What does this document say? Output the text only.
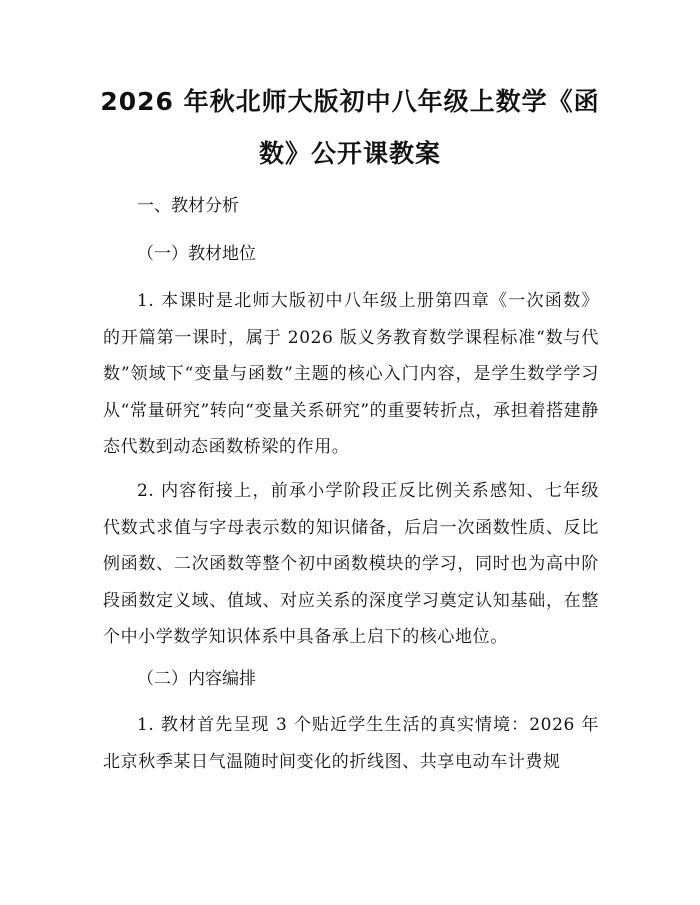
2026 年秋北师大版初中八年级上数学《函
数》公开课教案

一、教材分析

（一）教材地位

1. 本课时是北师大版初中八年级上册第四章《一次函数》的开篇第一课时，属于 2026 版义务教育数学课程标准“数与代数”领域下“变量与函数”主题的核心入门内容，是学生数学学习从“常量研究”转向“变量关系研究”的重要转折点，承担着搭建静态代数到动态函数桥梁的作用。

2. 内容衔接上，前承小学阶段正反比例关系感知、七年级代数式求值与字母表示数的知识储备，后启一次函数性质、反比例函数、二次函数等整个初中函数模块的学习，同时也为高中阶段函数定义域、值域、对应关系的深度学习奠定认知基础，在整个中小学数学知识体系中具备承上启下的核心地位。

（二）内容编排

1. 教材首先呈现 3 个贴近学生生活的真实情境：2026 年北京秋季某日气温随时间变化的折线图、共享电动车计费规
